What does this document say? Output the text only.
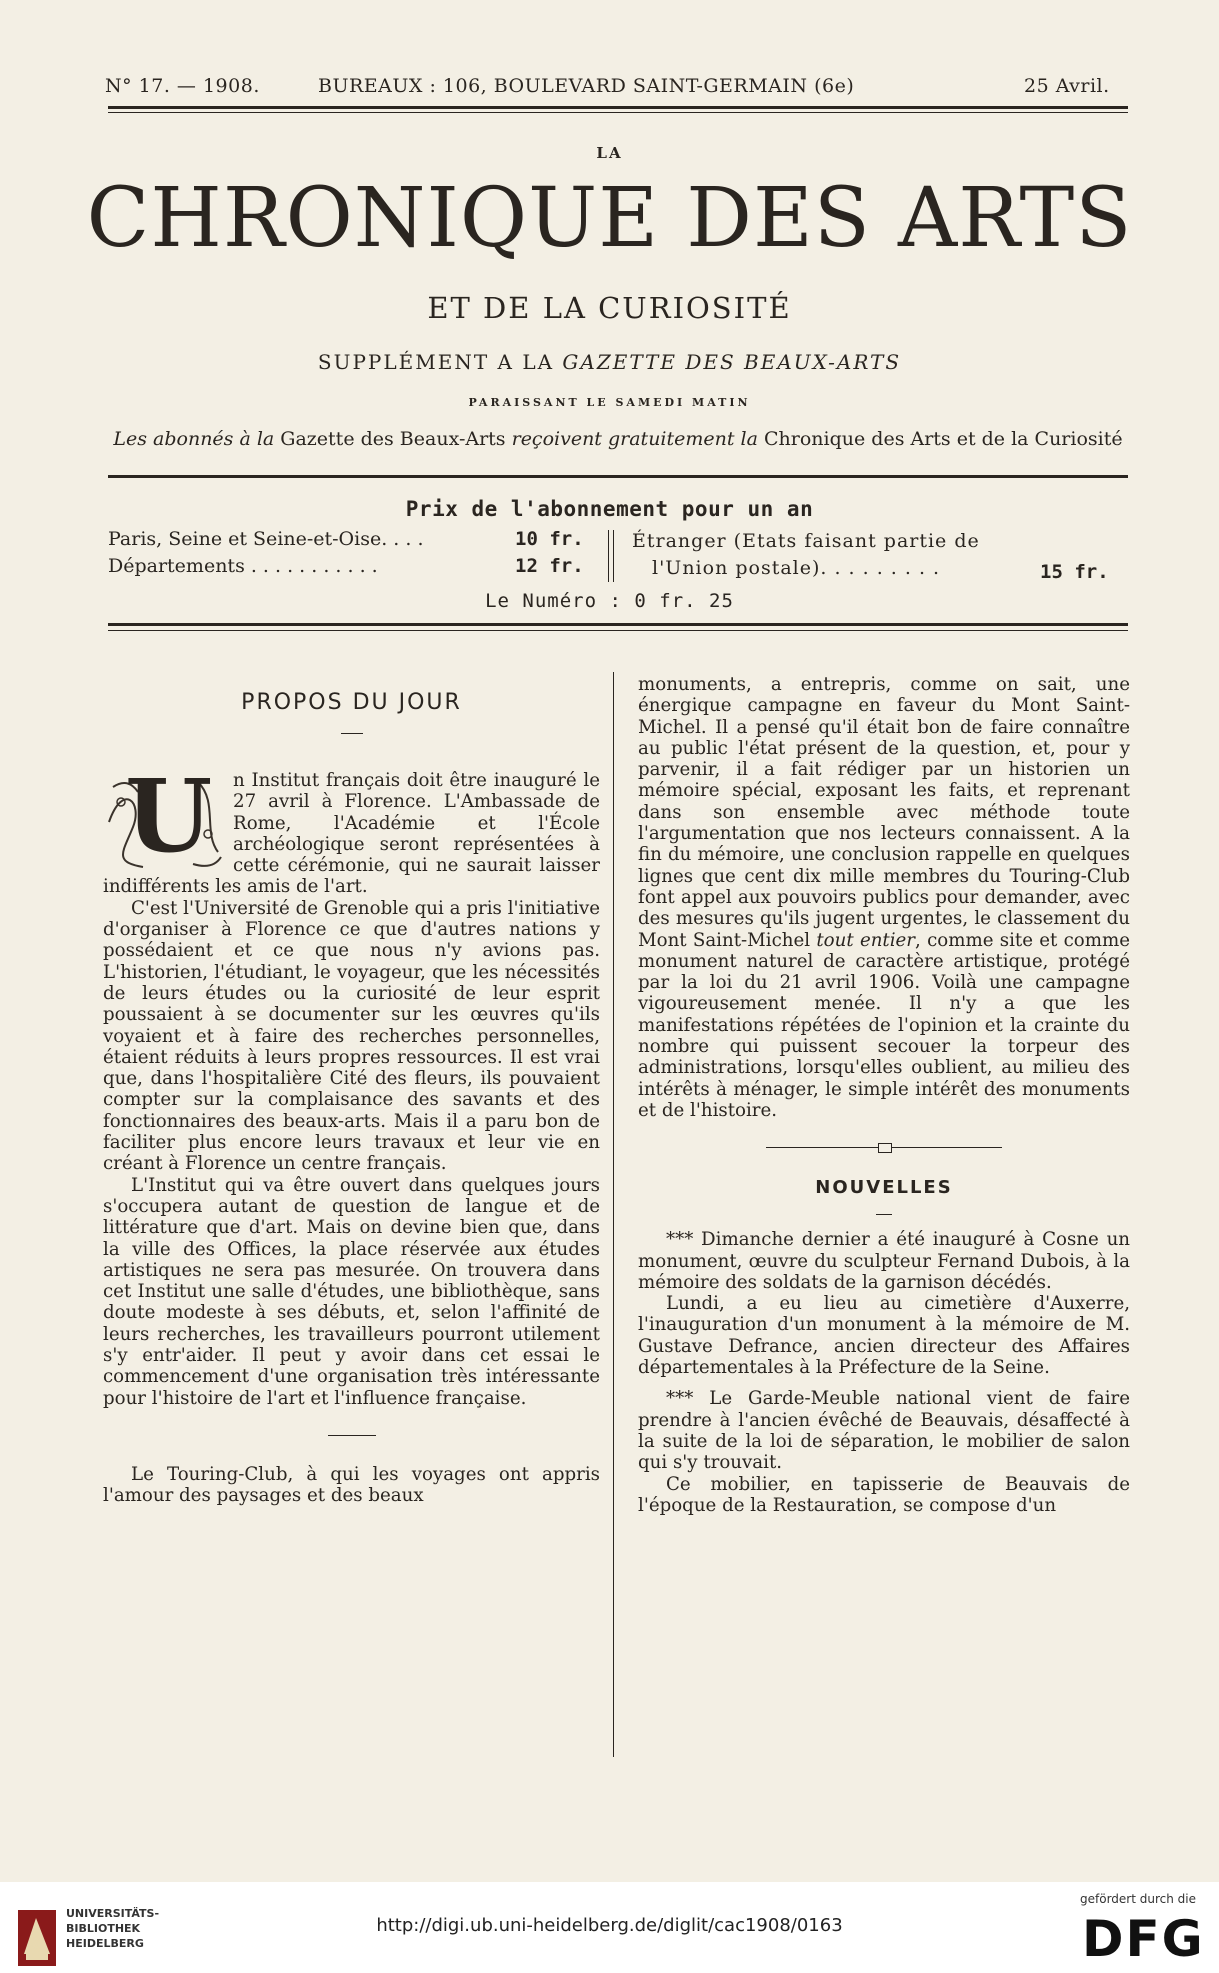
N° 17. — 1908.	BUREAUX : 106, BOULEVARD SAINT-GERMAIN (6e)	25 Avril.
LA
CHRONIQUE DES ARTS
ET DE LA CURIOSITÉ
SUPPLÉMENT A LA GAZETTE DES BEAUX-ARTS
PARAISSANT LE SAMEDI MATIN
Les abonnés à la Gazette des Beaux-Arts reçoivent gratuitement la Chronique des Arts et de la Curiosité
Prix de l'abonnement pour un an
Paris, Seine et Seine-et-Oise. . . .	10 fr.
Départements . . . . . . . . . . .	12 fr.
Étranger (Etats faisant partie de
l'Union postale). . . . . . . . .	15 fr.
Le Numéro : 0 fr. 25
PROPOS DU JOUR

U n Institut français doit être inauguré le 27 avril à Florence. L'Ambassade de Rome, l'Académie et l'École archéologique seront représentées à cette cérémonie, qui ne saurait laisser indifférents les amis de l'art.

C'est l'Université de Grenoble qui a pris l'initiative d'organiser à Florence ce que d'autres nations y possédaient et ce que nous n'y avions pas. L'historien, l'étudiant, le voyageur, que les nécessités de leurs études ou la curiosité de leur esprit poussaient à se documenter sur les œuvres qu'ils voyaient et à faire des recherches personnelles, étaient réduits à leurs propres ressources. Il est vrai que, dans l'hospitalière Cité des fleurs, ils pouvaient compter sur la complaisance des savants et des fonctionnaires des beaux-arts. Mais il a paru bon de faciliter plus encore leurs travaux et leur vie en créant à Florence un centre français.

L'Institut qui va être ouvert dans quelques jours s'occupera autant de question de langue et de littérature que d'art. Mais on devine bien que, dans la ville des Offices, la place réservée aux études artistiques ne sera pas mesurée. On trouvera dans cet Institut une salle d'études, une bibliothèque, sans doute modeste à ses débuts, et, selon l'affinité de leurs recherches, les travailleurs pourront utilement s'y entr'aider. Il peut y avoir dans cet essai le commencement d'une organisation très intéressante pour l'histoire de l'art et l'influence française.

Le Touring-Club, à qui les voyages ont appris l'amour des paysages et des beaux

monuments, a entrepris, comme on sait, une énergique campagne en faveur du Mont Saint-Michel. Il a pensé qu'il était bon de faire connaître au public l'état présent de la question, et, pour y parvenir, il a fait rédiger par un historien un mémoire spécial, exposant les faits, et reprenant dans son ensemble avec méthode toute l'argumentation que nos lecteurs connaissent. A la fin du mémoire, une conclusion rappelle en quelques lignes que cent dix mille membres du Touring-Club font appel aux pouvoirs publics pour demander, avec des mesures qu'ils jugent urgentes, le classement du Mont Saint-Michel tout entier, comme site et comme monument naturel de caractère artistique, protégé par la loi du 21 avril 1906. Voilà une campagne vigoureusement menée. Il n'y a que les manifestations répétées de l'opinion et la crainte du nombre qui puissent secouer la torpeur des administrations, lorsqu'elles oublient, au milieu des intérêts à ménager, le simple intérêt des monuments et de l'histoire.

NOUVELLES

*** Dimanche dernier a été inauguré à Cosne un monument, œuvre du sculpteur Fernand Dubois, à la mémoire des soldats de la garnison décédés.

Lundi, a eu lieu au cimetière d'Auxerre, l'inauguration d'un monument à la mémoire de M. Gustave Defrance, ancien directeur des Affaires départementales à la Préfecture de la Seine.

*** Le Garde-Meuble national vient de faire prendre à l'ancien évêché de Beauvais, désaffecté à la suite de la loi de séparation, le mobilier de salon qui s'y trouvait.

Ce mobilier, en tapisserie de Beauvais de l'époque de la Restauration, se compose d'un

UNIVERSITÄTS-
BIBLIOTHEK
HEIDELBERG
http://digi.ub.uni-heidelberg.de/diglit/cac1908/0163
gefördert durch die
DFG
